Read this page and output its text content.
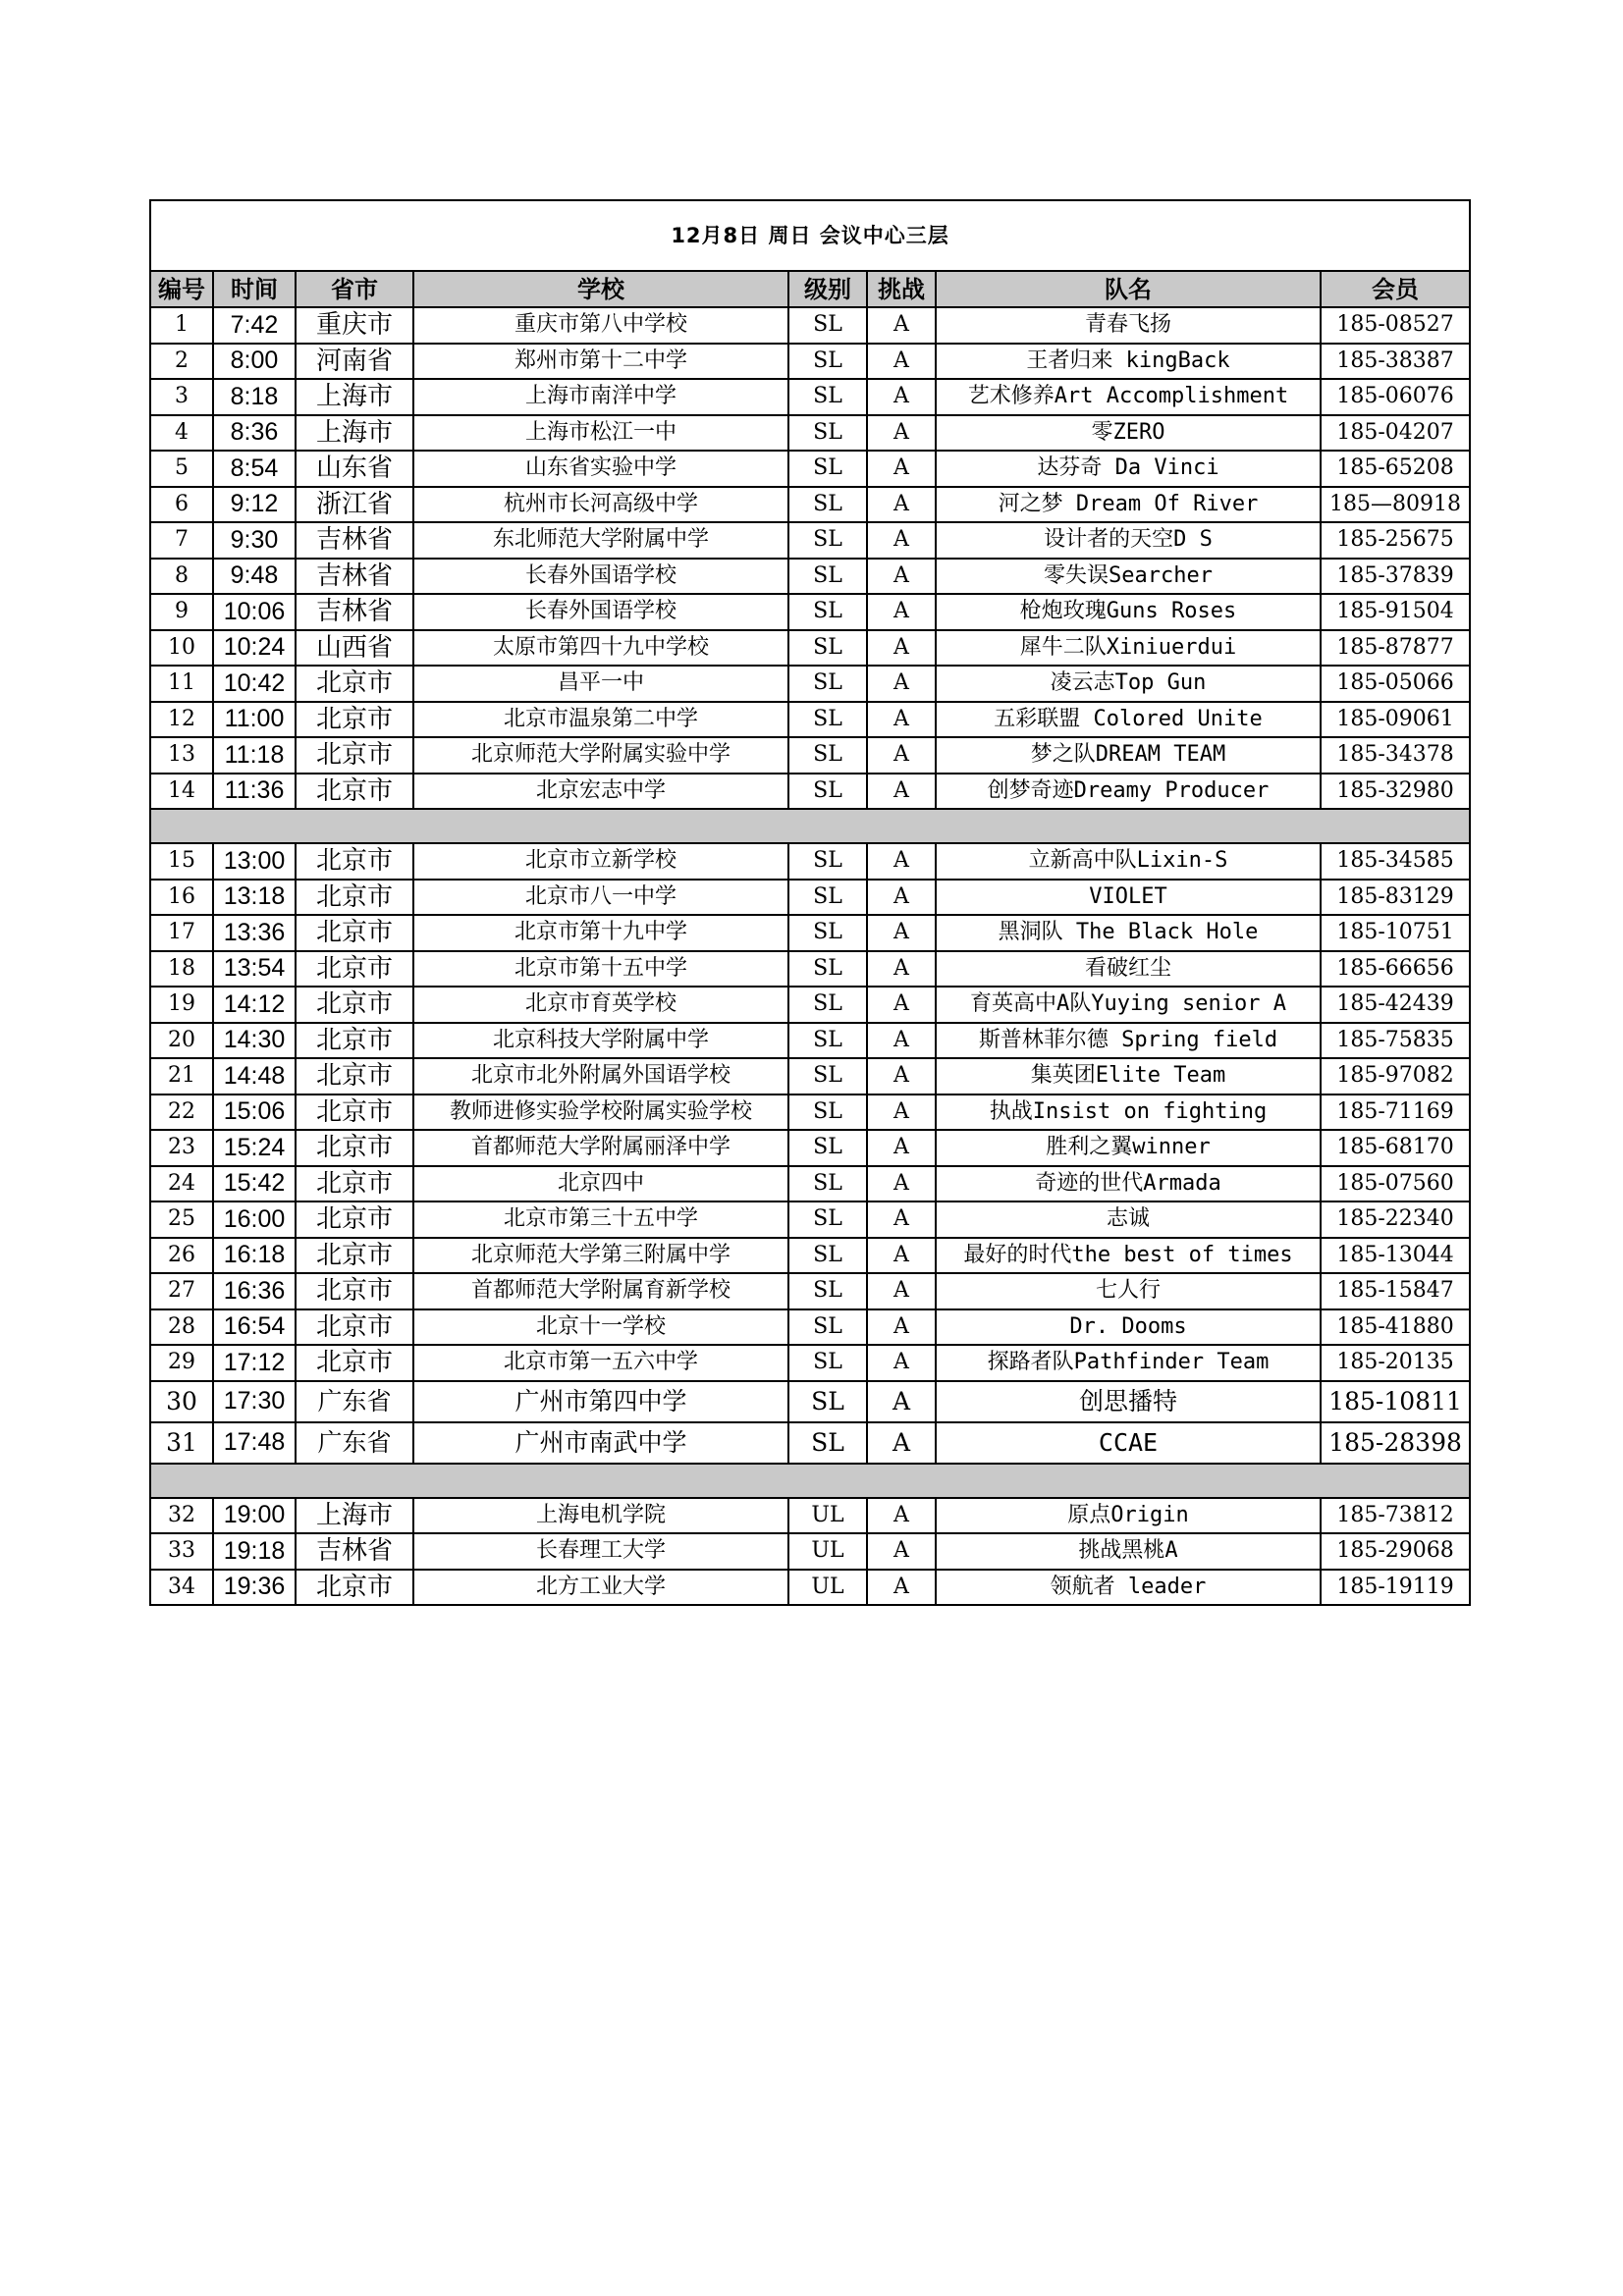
12月8日 周日 会议中心三层							
编号	时间	省市	学校	级别	挑战	队名	会员
1	7:42	重庆市	重庆市第八中学校	SL	A	青春飞扬	185-08527
2	8:00	河南省	郑州市第十二中学	SL	A	王者归来 kingBack	185-38387
3	8:18	上海市	上海市南洋中学	SL	A	艺术修养Art Accomplishment	185-06076
4	8:36	上海市	上海市松江一中	SL	A	零ZERO	185-04207
5	8:54	山东省	山东省实验中学	SL	A	达芬奇 Da Vinci	185-65208
6	9:12	浙江省	杭州市长河高级中学	SL	A	河之梦 Dream Of River	185—80918
7	9:30	吉林省	东北师范大学附属中学	SL	A	设计者的天空D S	185-25675
8	9:48	吉林省	长春外国语学校	SL	A	零失误Searcher	185-37839
9	10:06	吉林省	长春外国语学校	SL	A	枪炮玫瑰Guns Roses	185-91504
10	10:24	山西省	太原市第四十九中学校	SL	A	犀牛二队Xiniuerdui	185-87877
11	10:42	北京市	昌平一中	SL	A	凌云志Top Gun	185-05066
12	11:00	北京市	北京市温泉第二中学	SL	A	五彩联盟 Colored Unite	185-09061
13	11:18	北京市	北京师范大学附属实验中学	SL	A	梦之队DREAM TEAM	185-34378
14	11:36	北京市	北京宏志中学	SL	A	创梦奇迹Dreamy Producer	185-32980

15	13:00	北京市	北京市立新学校	SL	A	立新高中队Lixin-S	185-34585
16	13:18	北京市	北京市八一中学	SL	A	VIOLET	185-83129
17	13:36	北京市	北京市第十九中学	SL	A	黑洞队 The Black Hole	185-10751
18	13:54	北京市	北京市第十五中学	SL	A	看破红尘	185-66656
19	14:12	北京市	北京市育英学校	SL	A	育英高中A队Yuying senior A	185-42439
20	14:30	北京市	北京科技大学附属中学	SL	A	斯普林菲尔德 Spring field	185-75835
21	14:48	北京市	北京市北外附属外国语学校	SL	A	集英团Elite Team	185-97082
22	15:06	北京市	教师进修实验学校附属实验学校	SL	A	执战Insist on fighting	185-71169
23	15:24	北京市	首都师范大学附属丽泽中学	SL	A	胜利之翼winner	185-68170
24	15:42	北京市	北京四中	SL	A	奇迹的世代Armada	185-07560
25	16:00	北京市	北京市第三十五中学	SL	A	志诚	185-22340
26	16:18	北京市	北京师范大学第三附属中学	SL	A	最好的时代the best of times	185-13044
27	16:36	北京市	首都师范大学附属育新学校	SL	A	七人行	185-15847
28	16:54	北京市	北京十一学校	SL	A	Dr. Dooms	185-41880
29	17:12	北京市	北京市第一五六中学	SL	A	探路者队Pathfinder Team	185-20135
30	17:30	广东省	广州市第四中学	SL	A	创思播特	185-10811
31	17:48	广东省	广州市南武中学	SL	A	CCAE	185-28398

32	19:00	上海市	上海电机学院	UL	A	原点Origin	185-73812
33	19:18	吉林省	长春理工大学	UL	A	挑战黑桃A	185-29068
34	19:36	北京市	北方工业大学	UL	A	领航者 leader	185-19119
